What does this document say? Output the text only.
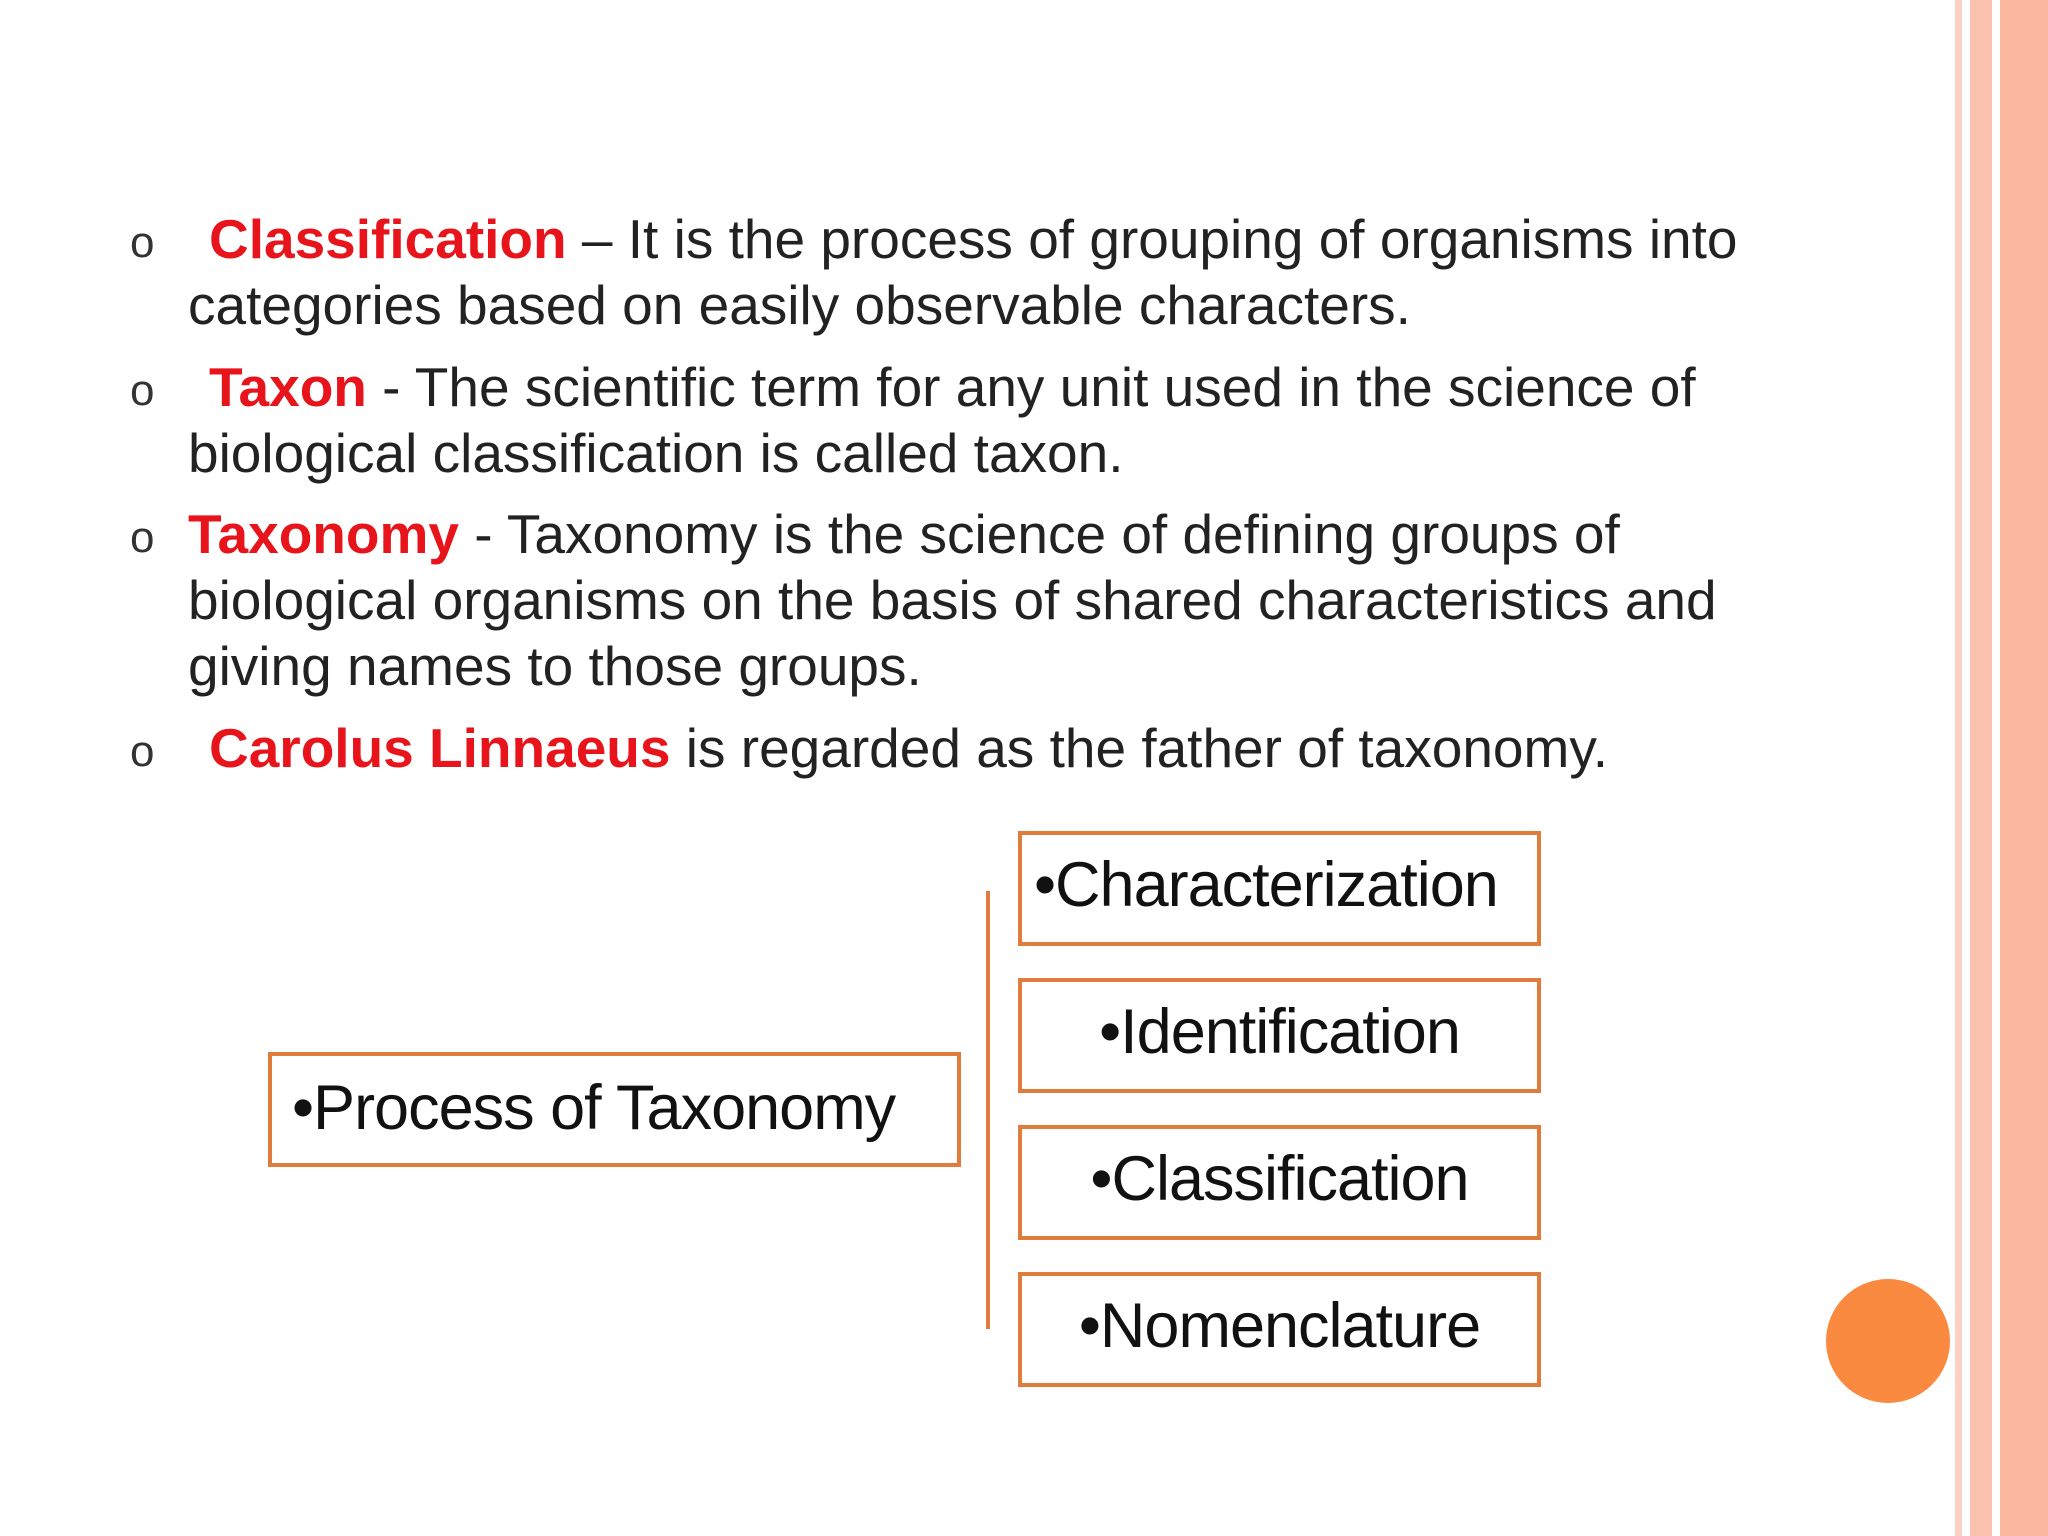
o Classification – It is the process of grouping of organisms into categories based on easily observable characters.
o Taxon - The scientific term for any unit used in the science of biological classification is called taxon.
o Taxonomy - Taxonomy is the science of defining groups of biological organisms on the basis of shared characteristics and giving names to those groups.
o Carolus Linnaeus is regarded as the father of taxonomy.
•Process of Taxonomy
•Characterization
•Identification
•Classification
•Nomenclature
